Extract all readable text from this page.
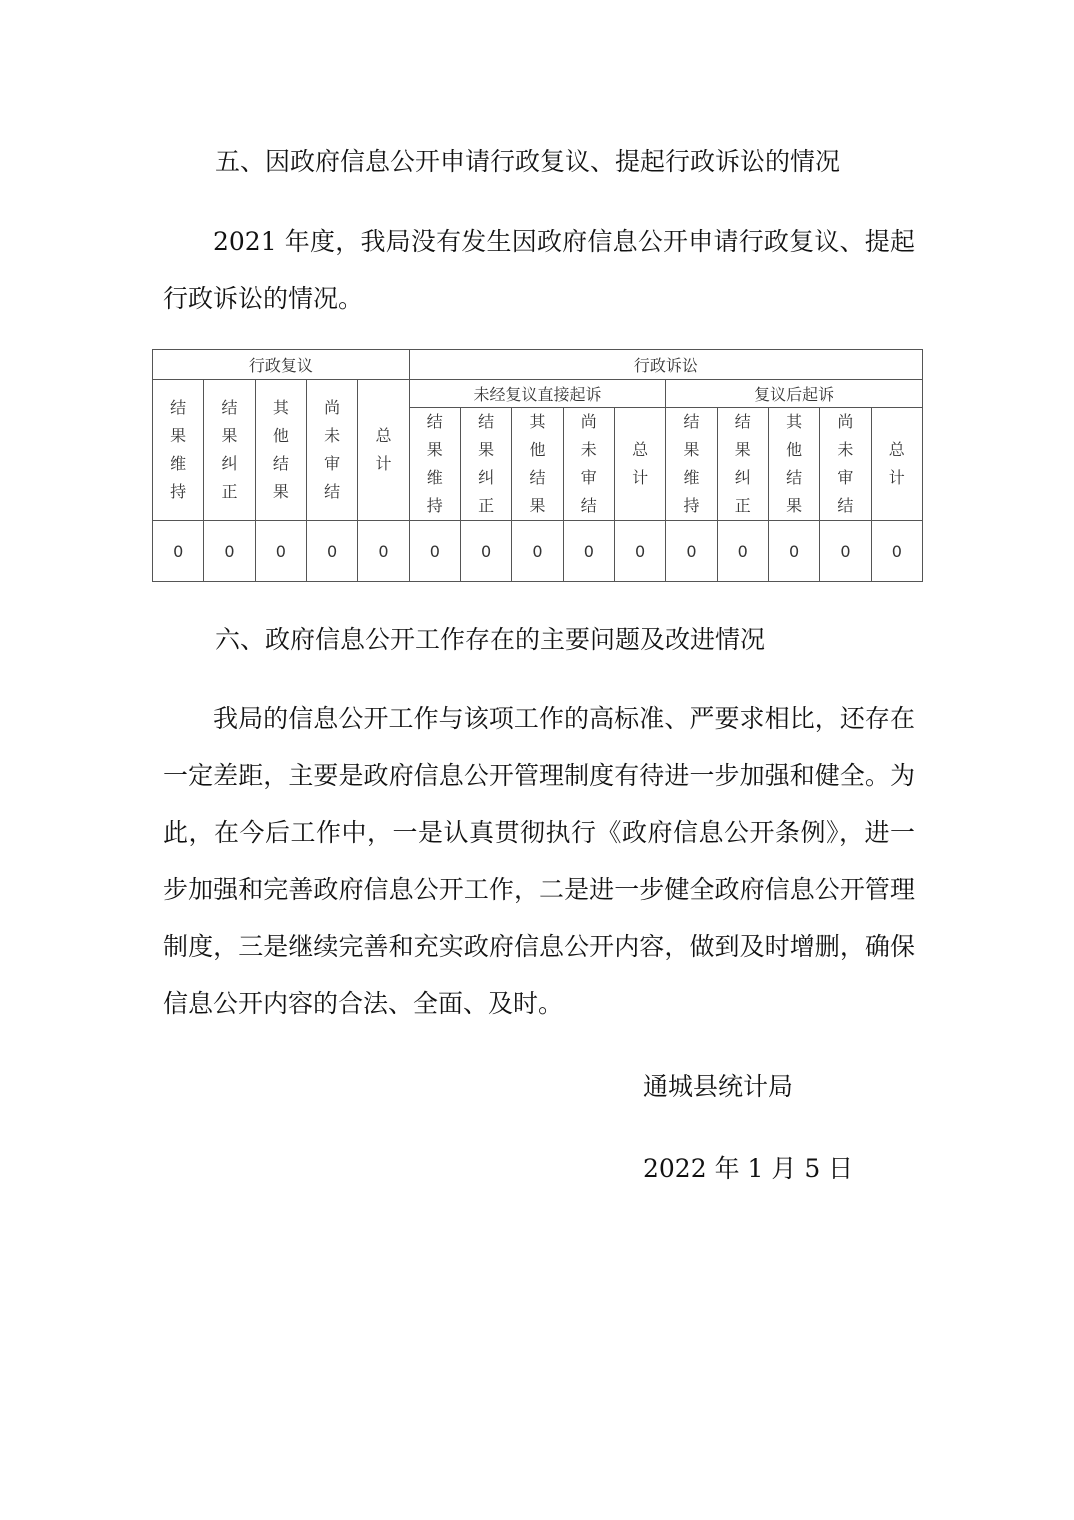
五、因政府信息公开申请行政复议、提起行政诉讼的情况

2021 年度，我局没有发生因政府信息公开申请行政复议、提起行政诉讼的情况。

行政复议					行政诉讼									
结果维持	结果纠正	其他结果	尚未审结	总计	未经复议直接起诉					复议后起诉				
					结果维持	结果纠正	其他结果	尚未审结	总计	结果维持	结果纠正	其他结果	尚未审结	总计
0	0	0	0	0	0	0	0	0	0	0	0	0	0	0

六、政府信息公开工作存在的主要问题及改进情况

我局的信息公开工作与该项工作的高标准、严要求相比，还存在一定差距，主要是政府信息公开管理制度有待进一步加强和健全。为此，在今后工作中，一是认真贯彻执行《政府信息公开条例》，进一步加强和完善政府信息公开工作，二是进一步健全政府信息公开管理制度，三是继续完善和充实政府信息公开内容，做到及时增删，确保信息公开内容的合法、全面、及时。

通城县统计局

2022 年 1 月 5 日
